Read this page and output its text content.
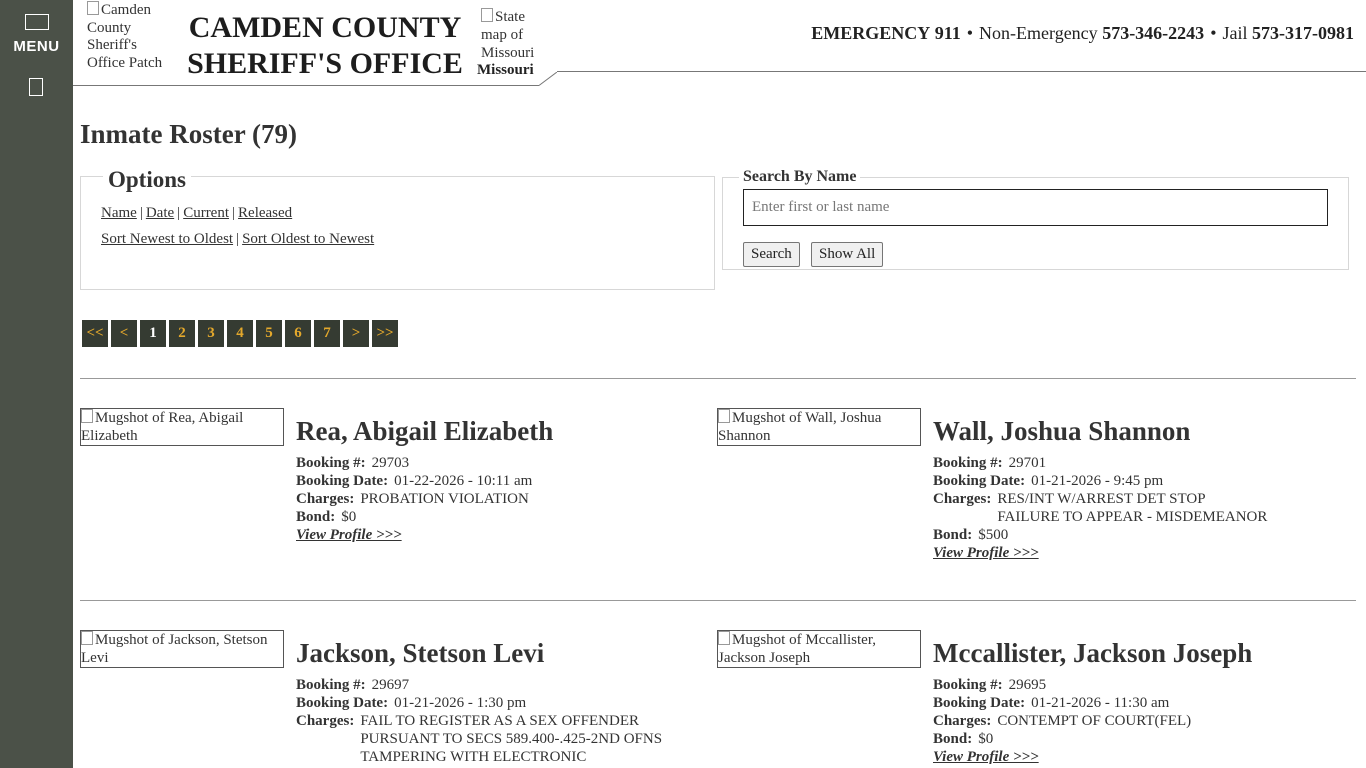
MENU
Camden County Sheriff's Office Patch
CAMDEN COUNTY
SHERIFF'S OFFICE
State map of Missouri
Missouri
EMERGENCY 911 • Non-Emergency 573-346-2243 • Jail 573-317-0981
Inmate Roster (79)
Options
Name | Date | Current | Released
Sort Newest to Oldest | Sort Oldest to Newest
Search By Name
Enter first or last name
Search	Show All
<<	<	1	2	3	4	5	6	7	>	>>
Mugshot of Rea, Abigail Elizabeth	Rea, Abigail Elizabeth
Booking #: 29703
Booking Date: 01-22-2026 - 10:11 am
Charges: PROBATION VIOLATION
Bond: $0
View Profile >>>
Mugshot of Wall, Joshua Shannon	Wall, Joshua Shannon
Booking #: 29701
Booking Date: 01-21-2026 - 9:45 pm
Charges: RES/INT W/ARREST DET STOP
FAILURE TO APPEAR - MISDEMEANOR
Bond: $500
View Profile >>>
Mugshot of Jackson, Stetson Levi	Jackson, Stetson Levi
Booking #: 29697
Booking Date: 01-21-2026 - 1:30 pm
Charges: FAIL TO REGISTER AS A SEX OFFENDER
PURSUANT TO SECS 589.400-.425-2ND OFNS
TAMPERING WITH ELECTRONIC
Mugshot of Mccallister, Jackson Joseph	Mccallister, Jackson Joseph
Booking #: 29695
Booking Date: 01-21-2026 - 11:30 am
Charges: CONTEMPT OF COURT(FEL)
Bond: $0
View Profile >>>
